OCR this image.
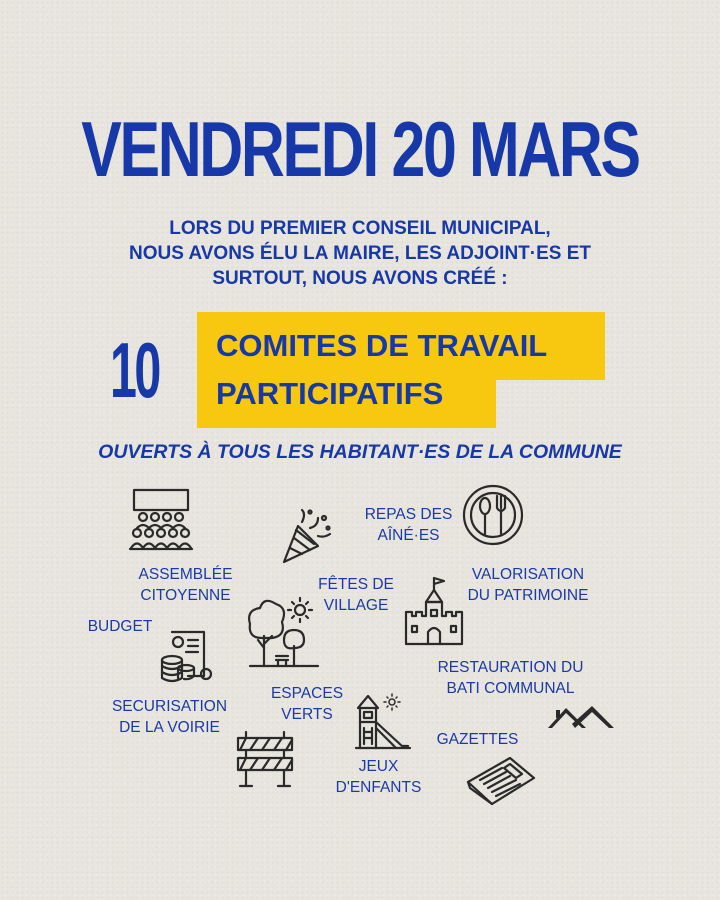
VENDREDI 20 MARS
LORS DU PREMIER CONSEIL MUNICIPAL,
NOUS AVONS ÉLU LA MAIRE, LES ADJOINT·ES ET
SURTOUT, NOUS AVONS CRÉÉ :
10 COMITES DE TRAVAIL
PARTICIPATIFS
OUVERTS À TOUS LES HABITANT·ES DE LA COMMUNE
ASSEMBLÉE
CITOYENNE
FÊTES DE
VILLAGE
REPAS DES
AÎNÉ·ES
VALORISATION
DU PATRIMOINE
BUDGET
RESTAURATION DU
BATI COMMUNAL
ESPACES
VERTS
SECURISATION
DE LA VOIRIE
GAZETTES
JEUX
D'ENFANTS
